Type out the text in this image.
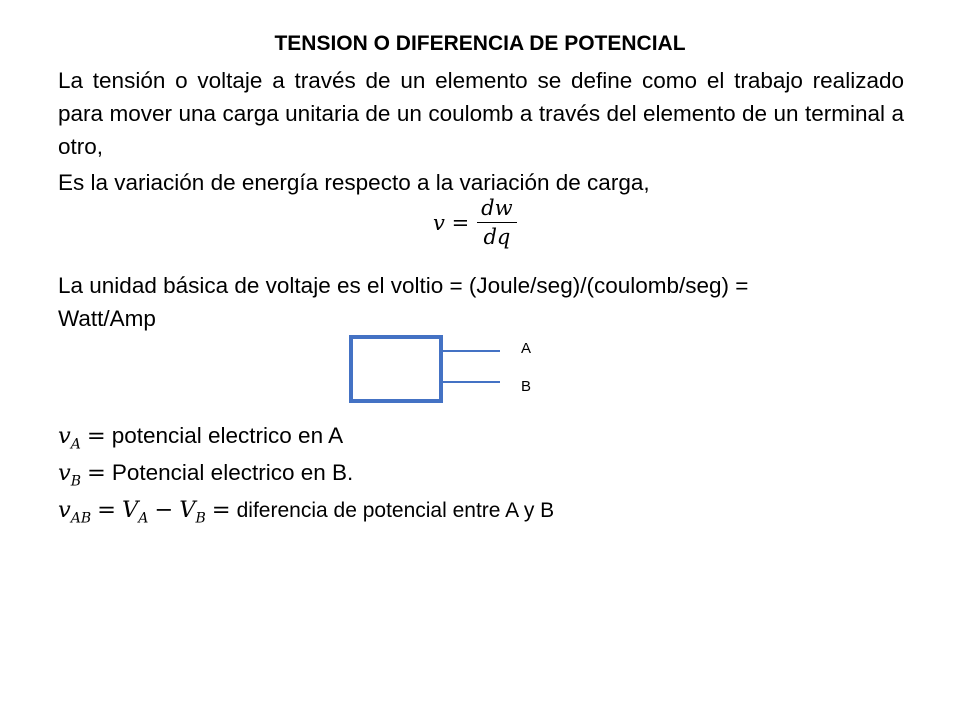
TENSION O DIFERENCIA DE POTENCIAL
La tensión o voltaje a través de un elemento se define como el trabajo realizado para mover una carga unitaria de un coulomb a través del elemento de un terminal a otro,
Es la variación de energía respecto a la variación de carga,
$v = \frac{dw}{dq}$
La unidad básica de voltaje es el voltio = (Joule/seg)/(coulomb/seg) =
Watt/Amp
A
B
$v_A$ = potencial electrico en A
$v_B$ = Potencial electrico en B.
$v_{AB} = V_A - V_B$ = diferencia de potencial entre A y B
